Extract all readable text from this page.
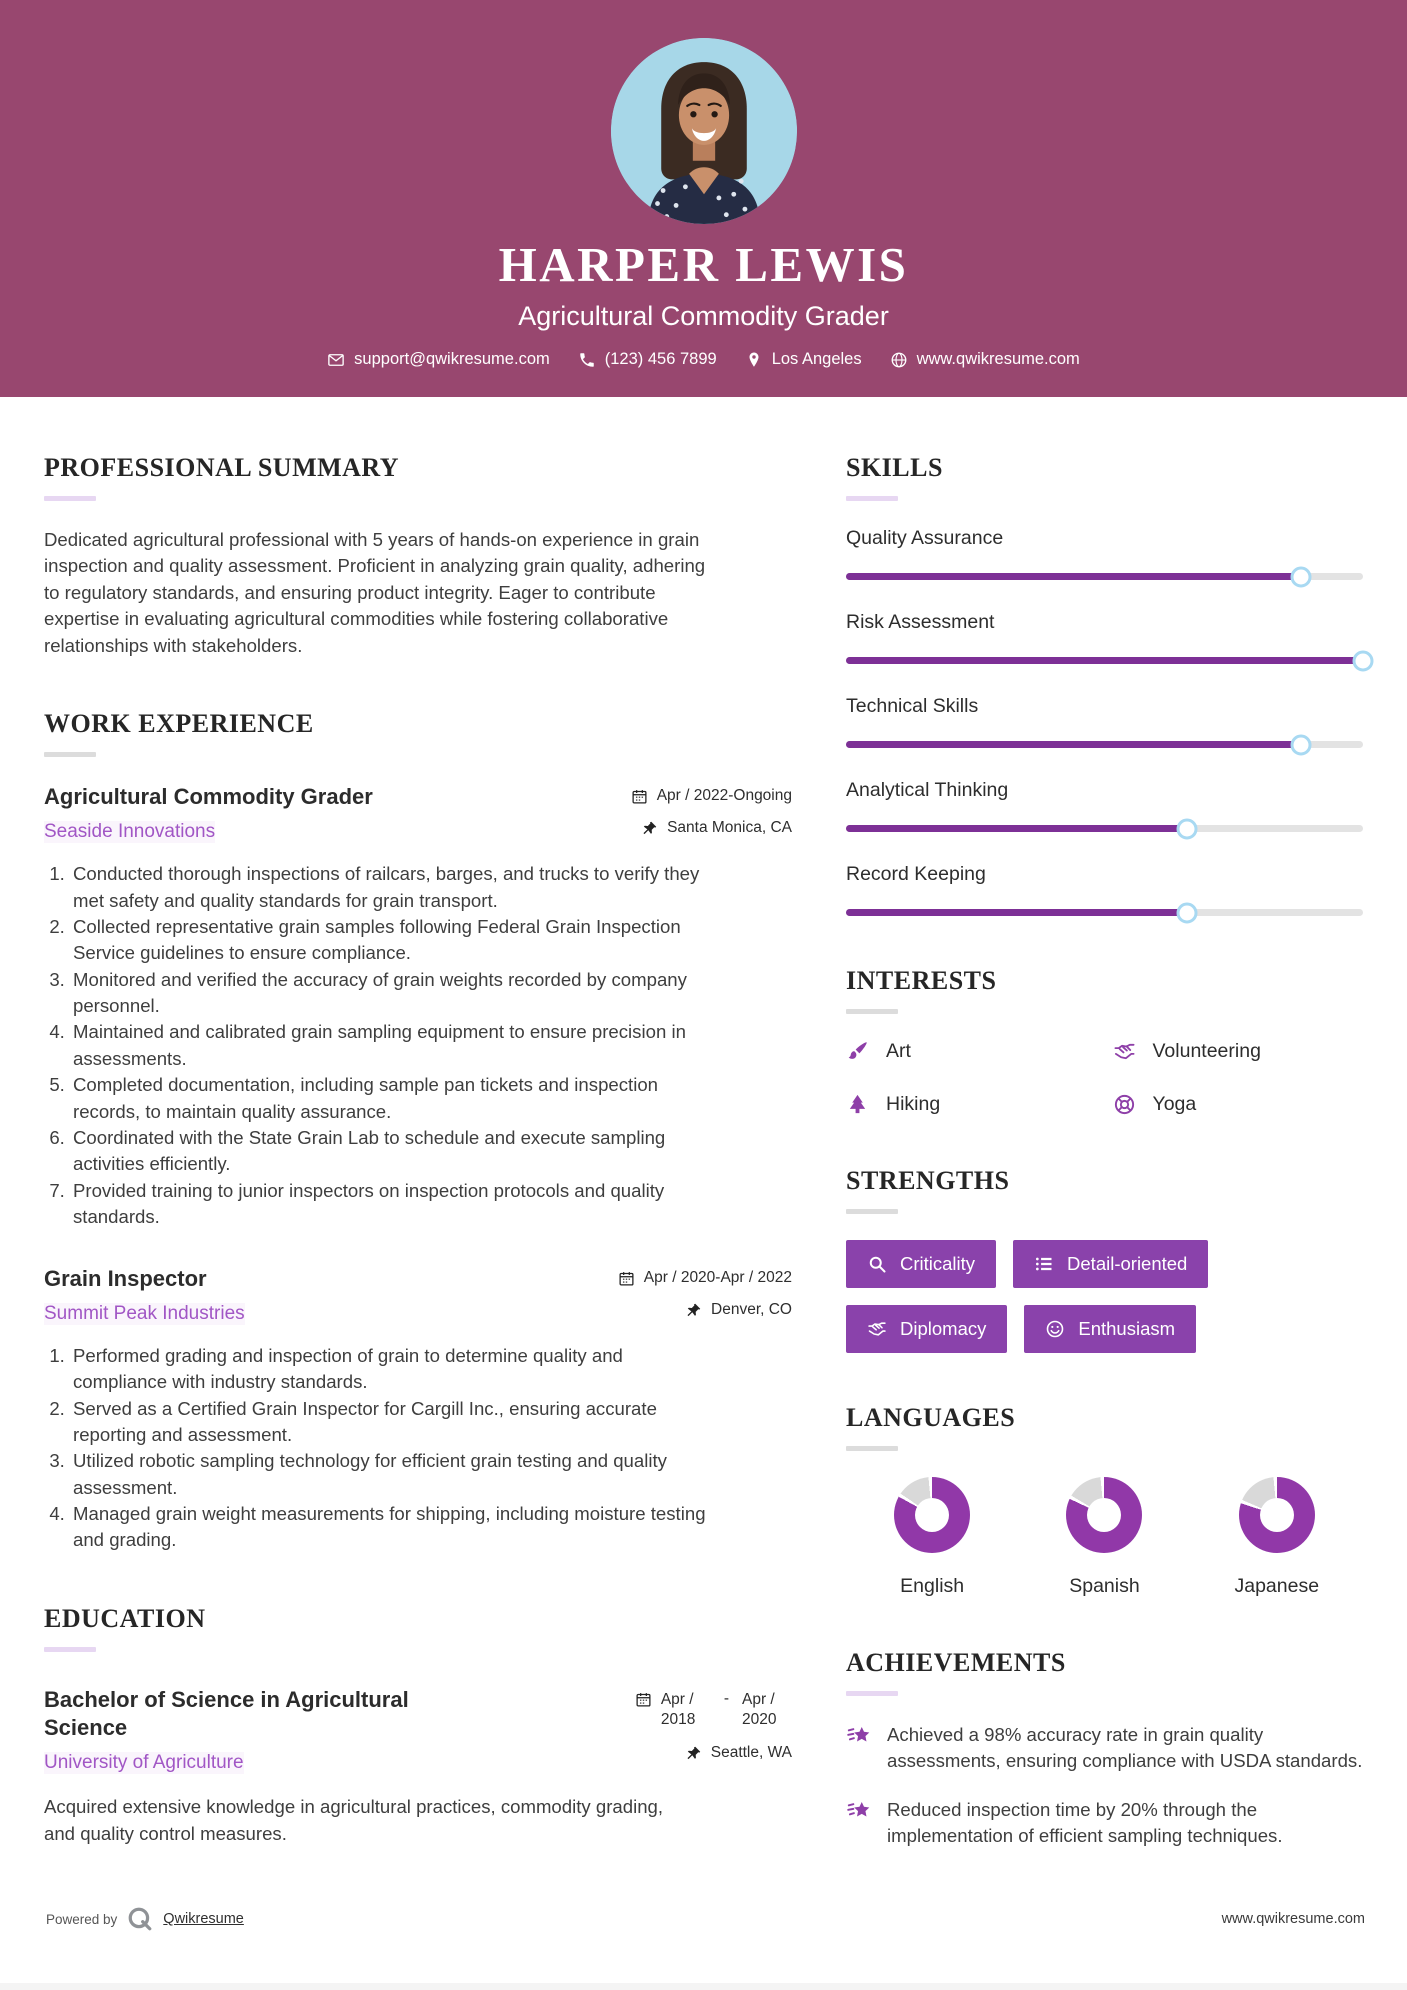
HARPER LEWIS
Agricultural Commodity Grader
support@qwikresume.com	(123) 456 7899	Los Angeles	www.qwikresume.com
PROFESSIONAL SUMMARY

Dedicated agricultural professional with 5 years of hands-on experience in grain inspection and quality assessment. Proficient in analyzing grain quality, adhering to regulatory standards, and ensuring product integrity. Eager to contribute expertise in evaluating agricultural commodities while fostering collaborative relationships with stakeholders.

WORK EXPERIENCE
Agricultural Commodity Grader
Seaside Innovations
Apr / 2022-Ongoing
Santa Monica, CA
1. Conducted thorough inspections of railcars, barges, and trucks to verify they met safety and quality standards for grain transport.
2. Collected representative grain samples following Federal Grain Inspection Service guidelines to ensure compliance.
3. Monitored and verified the accuracy of grain weights recorded by company personnel.
4. Maintained and calibrated grain sampling equipment to ensure precision in assessments.
5. Completed documentation, including sample pan tickets and inspection records, to maintain quality assurance.
6. Coordinated with the State Grain Lab to schedule and execute sampling activities efficiently.
7. Provided training to junior inspectors on inspection protocols and quality standards.
Grain Inspector
Summit Peak Industries
Apr / 2020-Apr / 2022
Denver, CO
1. Performed grading and inspection of grain to determine quality and compliance with industry standards.
2. Served as a Certified Grain Inspector for Cargill Inc., ensuring accurate reporting and assessment.
3. Utilized robotic sampling technology for efficient grain testing and quality assessment.
4. Managed grain weight measurements for shipping, including moisture testing and grading.
EDUCATION
Bachelor of Science in Agricultural Science
University of Agriculture
Apr / 2018
- Apr / 2020
Seattle, WA

Acquired extensive knowledge in agricultural practices, commodity grading, and quality control measures.

SKILLS
Quality Assurance
Risk Assessment
Technical Skills
Analytical Thinking
Record Keeping
INTERESTS
Art	Volunteering
Hiking	Yoga
STRENGTHS
Criticality	Detail-oriented
Diplomacy	Enthusiasm
LANGUAGES
English	Spanish	Japanese
ACHIEVEMENTS

Achieved a 98% accuracy rate in grain quality assessments, ensuring compliance with USDA standards.

Reduced inspection time by 20% through the implementation of efficient sampling techniques.

Powered by	Qwikresume	www.qwikresume.com
